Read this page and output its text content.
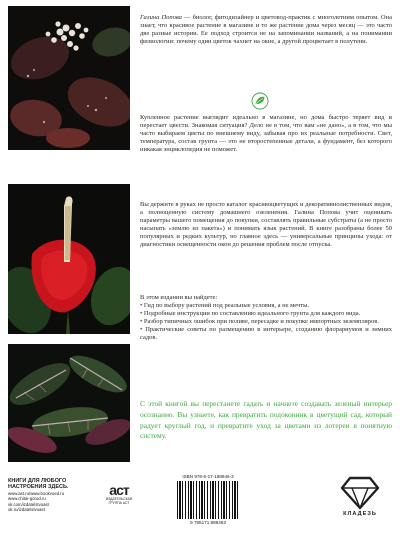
Галина Попова — биолог, фитодизайнер и цветовод-практик с многолетним опытом. Она знает, что красивое растение в магазине и то же растение дома через месяц — это часто две разные истории. Ее подход строится не на запоминании названий, а на понимании физиологии: почему один цветок чахнет на окне, а другой процветает в полутени.

Купленное растение выглядит идеально в магазине, но дома быстро теряет вид и перестает цвести. Знакомая ситуация? Дело не в том, что вам «не дано», а в том, что мы часто выбираем цветы по внешнему виду, забывая про их реальные потребности. Свет, температура, состав грунта — это не второстепенные детали, а фундамент, без которого никакая энциклопедия не поможет.

Вы держите в руках не просто каталог красивоцветущих и декоративнолиственных видов, а полноценную систему домашнего озеленения. Галина Попова учит оценивать параметры вашего помещения до покупки, составлять правильные субстраты (а не просто насыпать «землю из пакета») и понимать язык растений. В книге разобраны более 50 популярных и редких культур, но главное здесь — универсальные принципы ухода: от диагностики освещенности окон до решения проблем после отпуска.

В этом издании вы найдете:

• Гид по выбору растений под реальные условия, а не мечты.
• Подробные инструкции по составлению идеального грунта для каждого вида.
• Разбор типичных ошибок при поливе, пересадке и покупке импортных экземпляров.
• Практические советы по размещению в интерьере, созданию флорариумов и зимних садов.

С этой книгой вы перестанете гадать и начнете создавать зеленый интерьер осознанно. Вы узнаете, как превратить подоконник в цветущий сад, который радует круглый год, и превратите уход за цветами из лотереи в понятную систему.

КНИГИ ДЛЯ ЛЮБОГО
НАСТРОЕНИЯ ЗДЕСЬ.
www.ast.ru/www.bookvoed.ru
www.chitai-gorod.ru
vk.com/izdatelstvoast
ok.ru/izdatelstvoast
аст
ИЗДАТЕЛЬСКАЯ ГРУППА АСТ
ISBN 978-5-17-188946-3
9 785171 889463
КЛАДЕЗЬ
